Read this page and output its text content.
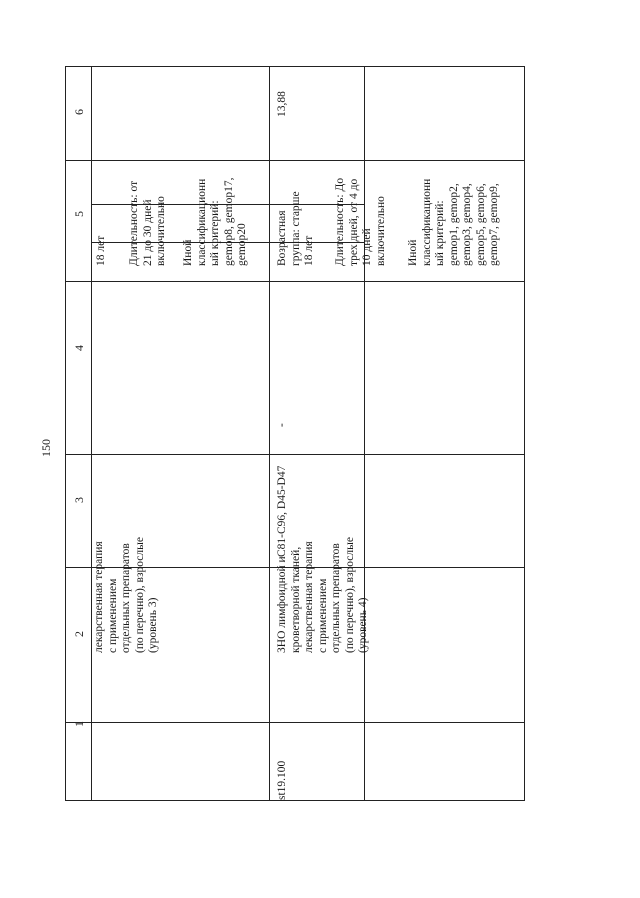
150
1
2
3
4
5
6
лекарственная терапия с применением отдельных препаратов (по перечню), взрослые (уровень 3)
18 лет Длительность: от 21 до 30 дней включительно Иной классификационн ый критерий: gemop8, gemop17, gemop20
st19.100
ЗНО лимфоидной и кроветворной тканей, лекарственная терапия с применением отдельных препаратов (по перечню), взрослые (уровень 4)
C81-C96, D45-D47
-
Возрастная группа: старше 18 лет Длительность: До трех дней, от 4 до 10 дней включительно Иной классификационн ый критерий: gemop1, gemop2, gemop3, gemop4, gemop5, gemop6, gemop7, gemop9,
13,88
